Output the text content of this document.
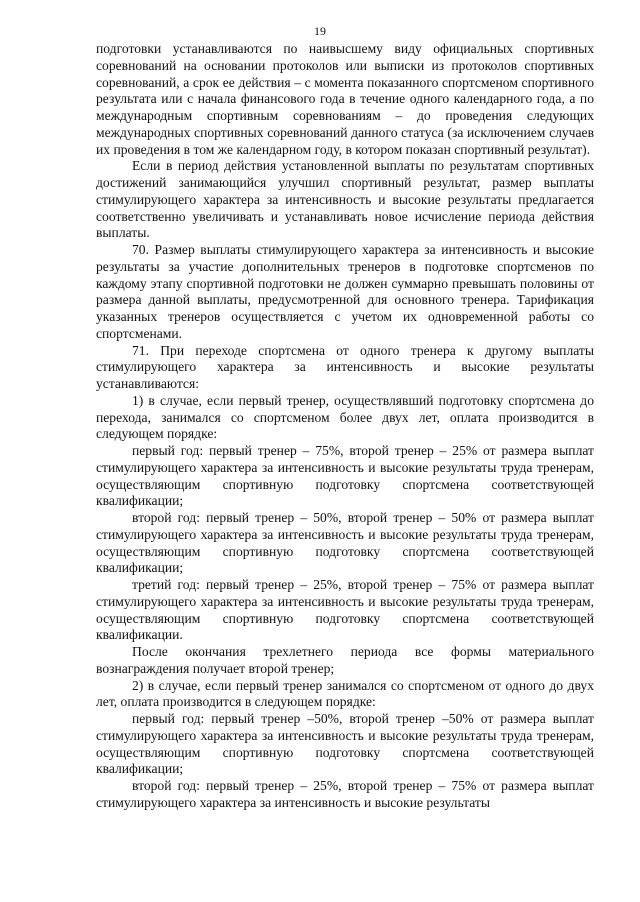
19

подготовки устанавливаются по наивысшему виду официальных спортивных соревнований на основании протоколов или выписки из протоколов спортивных соревнований, а срок ее действия – с момента показанного спортсменом спортивного результата или с начала финансового года в течение одного календарного года, а по международным спортивным соревнованиям – до проведения следующих международных спортивных соревнований данного статуса (за исключением случаев их проведения в том же календарном году, в котором показан спортивный результат).

Если в период действия установленной выплаты по результатам спортивных достижений занимающийся улучшил спортивный результат, размер выплаты стимулирующего характера за интенсивность и высокие результаты предлагается соответственно увеличивать и устанавливать новое исчисление периода действия выплаты.

70. Размер выплаты стимулирующего характера за интенсивность и высокие результаты за участие дополнительных тренеров в подготовке спортсменов по каждому этапу спортивной подготовки не должен суммарно превышать половины от размера данной выплаты, предусмотренной для основного тренера. Тарификация указанных тренеров осуществляется с учетом их одновременной работы со спортсменами.

71. При переходе спортсмена от одного тренера к другому выплаты стимулирующего характера за интенсивность и высокие результаты устанавливаются:

1) в случае, если первый тренер, осуществлявший подготовку спортсмена до перехода, занимался со спортсменом более двух лет, оплата производится в следующем порядке:

первый год: первый тренер – 75%, второй тренер – 25% от размера выплат стимулирующего характера за интенсивность и высокие результаты труда тренерам, осуществляющим спортивную подготовку спортсмена соответствующей квалификации;

второй год: первый тренер – 50%, второй тренер – 50% от размера выплат стимулирующего характера за интенсивность и высокие результаты труда тренерам, осуществляющим спортивную подготовку спортсмена соответствующей квалификации;

третий год: первый тренер – 25%, второй тренер – 75% от размера выплат стимулирующего характера за интенсивность и высокие результаты труда тренерам, осуществляющим спортивную подготовку спортсмена соответствующей квалификации.

После окончания трехлетнего периода все формы материального вознаграждения получает второй тренер;

2) в случае, если первый тренер занимался со спортсменом от одного до двух лет, оплата производится в следующем порядке:

первый год: первый тренер –50%, второй тренер –50% от размера выплат стимулирующего характера за интенсивность и высокие результаты труда тренерам, осуществляющим спортивную подготовку спортсмена соответствующей квалификации;

второй год: первый тренер – 25%, второй тренер – 75% от размера выплат стимулирующего характера за интенсивность и высокие результаты
